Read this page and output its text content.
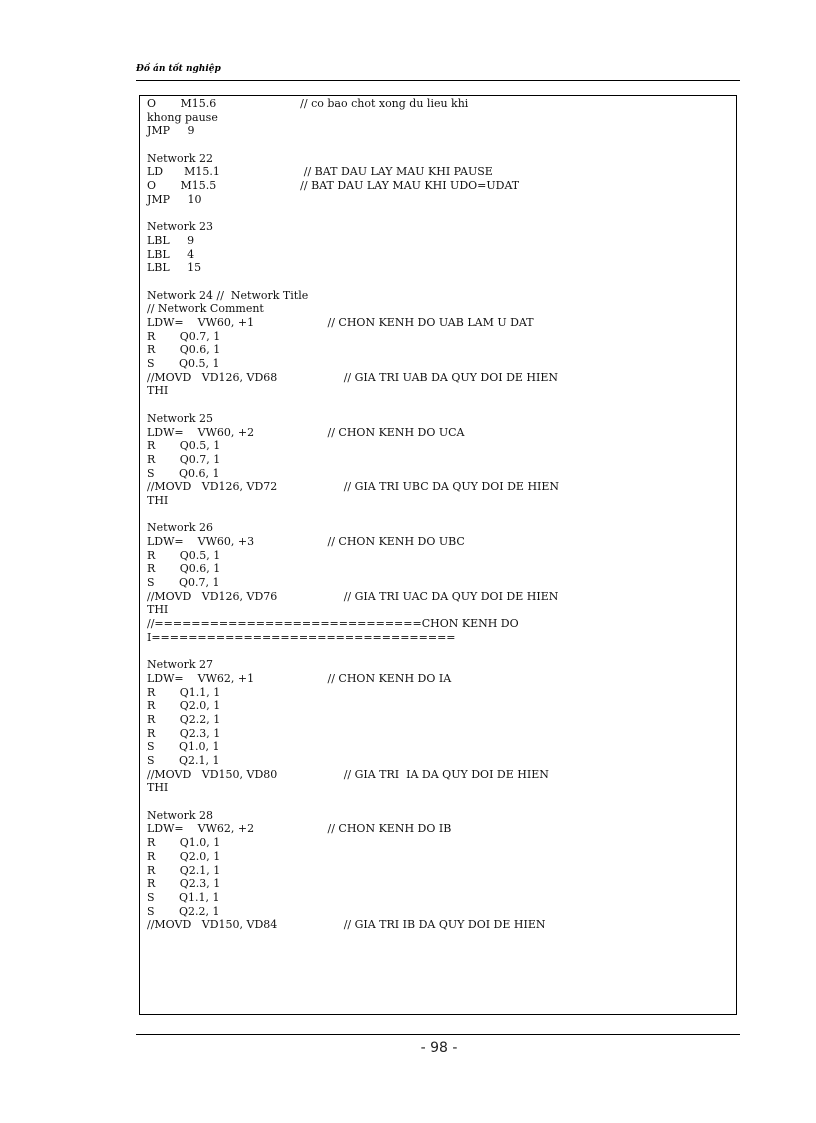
Đồ án tốt nghiệp
O       M15.6                        // co bao chot xong du lieu khi
khong pause
JMP     9
Network 22
LD      M15.1                        // BAT DAU LAY MAU KHI PAUSE
O       M15.5                        // BAT DAU LAY MAU KHI UDO=UDAT
JMP     10
Network 23
LBL     9
LBL     4
LBL     15
Network 24 //  Network Title
// Network Comment
LDW=    VW60, +1                     // CHON KENH DO UAB LAM U DAT
R       Q0.7, 1
R       Q0.6, 1
S       Q0.5, 1
//MOVD   VD126, VD68                   // GIA TRI UAB DA QUY DOI DE HIEN
THI
Network 25
LDW=    VW60, +2                     // CHON KENH DO UCA
R       Q0.5, 1
R       Q0.7, 1
S       Q0.6, 1
//MOVD   VD126, VD72                   // GIA TRI UBC DA QUY DOI DE HIEN
THI
Network 26
LDW=    VW60, +3                     // CHON KENH DO UBC
R       Q0.5, 1
R       Q0.6, 1
S       Q0.7, 1
//MOVD   VD126, VD76                   // GIA TRI UAC DA QUY DOI DE HIEN
THI
//=============================CHON KENH DO
I=================================
Network 27
LDW=    VW62, +1                     // CHON KENH DO IA
R       Q1.1, 1
R       Q2.0, 1
R       Q2.2, 1
R       Q2.3, 1
S       Q1.0, 1
S       Q2.1, 1
//MOVD   VD150, VD80                   // GIA TRI  IA DA QUY DOI DE HIEN
THI
Network 28
LDW=    VW62, +2                     // CHON KENH DO IB
R       Q1.0, 1
R       Q2.0, 1
R       Q2.1, 1
R       Q2.3, 1
S       Q1.1, 1
S       Q2.2, 1
//MOVD   VD150, VD84                   // GIA TRI IB DA QUY DOI DE HIEN
- 98 -
